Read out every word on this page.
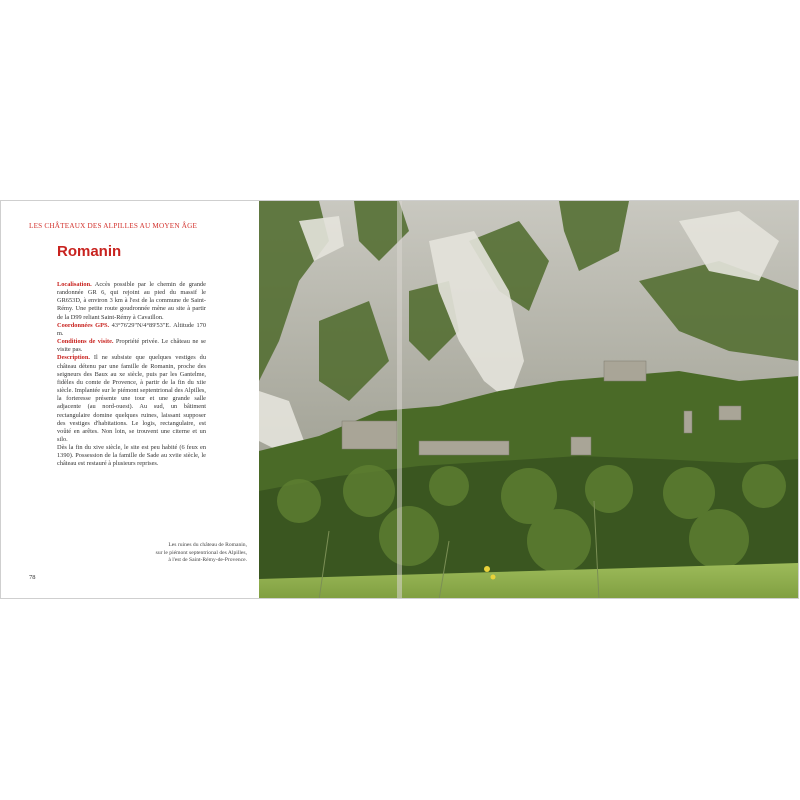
LES CHÂTEAUX DES ALPILLES AU MOYEN ÂGE
Romanin

Localisation. Accès possible par le chemin de grande randonnée GR 6, qui rejoint au pied du massif le GR653D, à environ 3 km à l'est de la commune de Saint-Rémy. Une petite route goudronnée mène au site à partir de la D99 reliant Saint-Rémy à Cavaillon.

Coordonnées GPS. 43°76'29"N/4°89'53"E. Altitude 170 m.

Conditions de visite. Propriété privée. Le château ne se visite pas.

Description. Il ne subsiste que quelques vestiges du château détenu par une famille de Romanin, proche des seigneurs des Baux au xe siècle, puis par les Gantelme, fidèles du comte de Provence, à partir de la fin du xiie siècle. Implantée sur le piémont septentrional des Alpilles, la forteresse présente une tour et une grande salle adjacente (au nord-ouest). Au sud, un bâtiment rectangulaire domine quelques ruines, laissant supposer des vestiges d'habitations. Le logis, rectangulaire, est voûté en arêtes. Non loin, se trouvent une citerne et un silo.

Dès la fin du xive siècle, le site est peu habité (6 feux en 1390). Possession de la famille de Sade au xviie siècle, le château est restauré à plusieurs reprises.

Les ruines du château de Romanin,
sur le piémont septentrional des Alpilles,
à l'est de Saint-Rémy-de-Provence.
78
